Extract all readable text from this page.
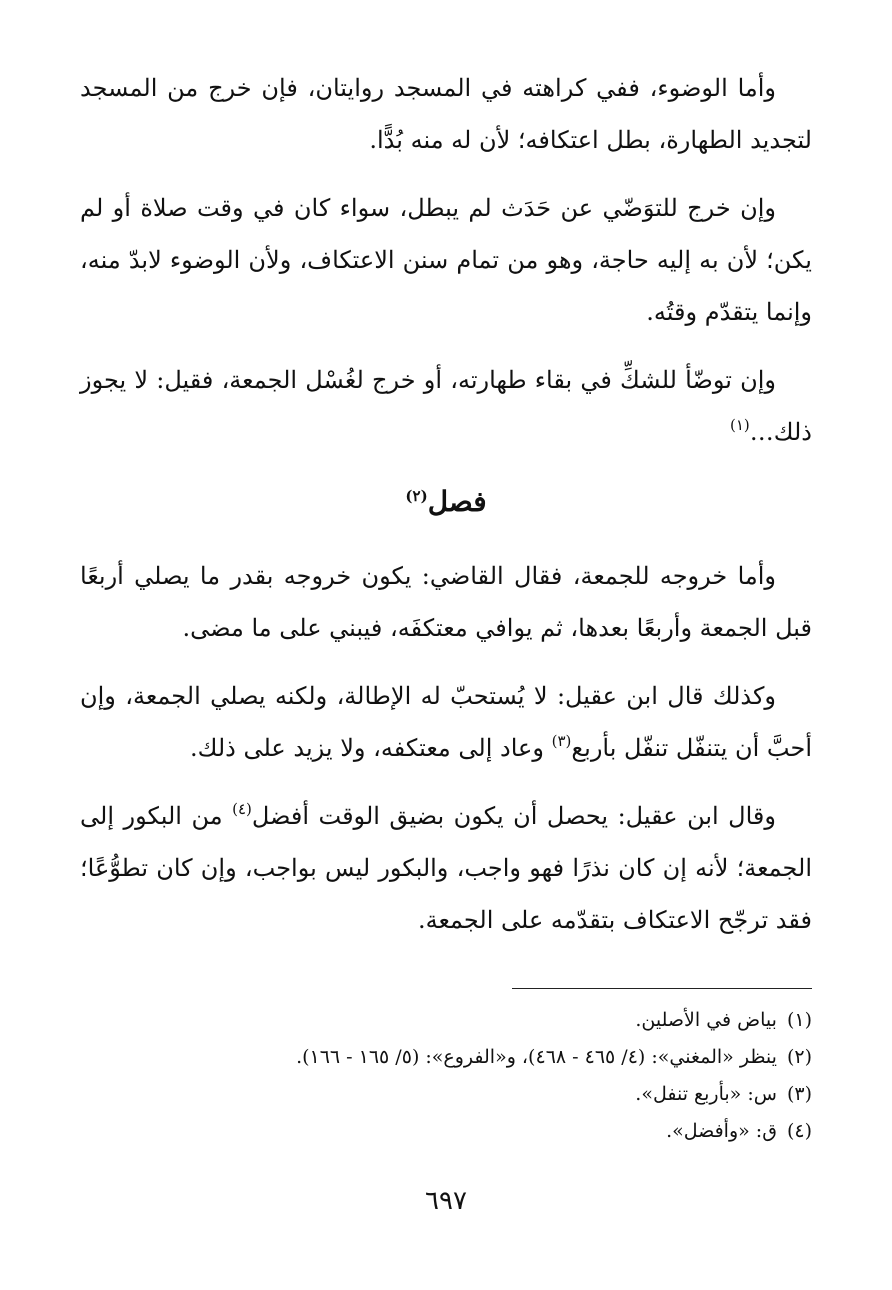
وأما الوضوء، ففي كراهته في المسجد روايتان، فإن خرج من المسجد لتجديد الطهارة، بطل اعتكافه؛ لأن له منه بُدًّا.

وإن خرج للتوَضّي عن حَدَث لم يبطل، سواء كان في وقت صلاة أو لم يكن؛ لأن به إليه حاجة، وهو من تمام سنن الاعتكاف، ولأن الوضوء لابدّ منه، وإنما يتقدّم وقتُه.

وإن توضّأ للشكِّ في بقاء طهارته، أو خرج لغُسْل الجمعة، فقيل: لا يجوز ذلك…$^{(١)}$

فصل$^{(٢)}$

وأما خروجه للجمعة، فقال القاضي: يكون خروجه بقدر ما يصلي أربعًا قبل الجمعة وأربعًا بعدها، ثم يوافي معتكفَه، فيبني على ما مضى.

وكذلك قال ابن عقيل: لا يُستحبّ له الإطالة، ولكنه يصلي الجمعة، وإن أحبَّ أن يتنفّل تنفّل بأربع$^{(٣)}$ وعاد إلى معتكفه، ولا يزيد على ذلك.

وقال ابن عقيل: يحصل أن يكون بضيق الوقت أفضل$^{(٤)}$ من البكور إلى الجمعة؛ لأنه إن كان نذرًا فهو واجب، والبكور ليس بواجب، وإن كان تطوُّعًا؛ فقد ترجّح الاعتكاف بتقدّمه على الجمعة.

(١)بياض في الأصلين.

(٢)ينظر «المغني»: (٤/ ٤٦٥ - ٤٦٨)، و«الفروع»: (٥/ ١٦٥ - ١٦٦).

(٣)س: «بأربع تنفل».

(٤)ق: «وأفضل».

٦٩٧
